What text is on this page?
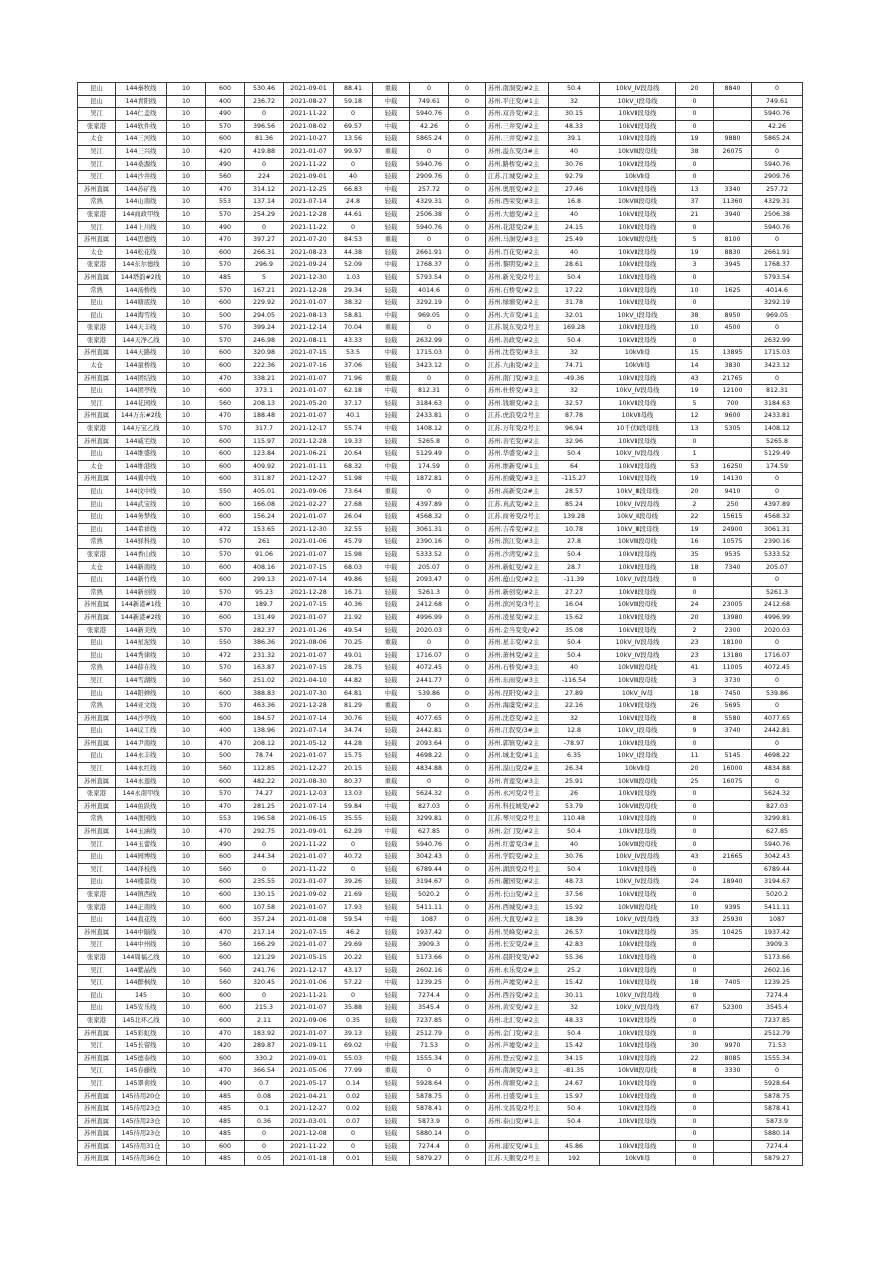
昆山	144秦牧线	10	600	530.46	2021-09-01	88.41	重载	0	0	苏州.南洞变/#2主	50.4	10kV_Ⅳ段母线	20	8840	0
昆山	144青阳线	10	400	236.72	2021-08-27	59.18	中载	749.61	0	苏州.平庄变/#1主	32	10kV_Ⅰ段母线	0		749.61
吴江	144仁盖线	10	490	0	2021-11-22	0	轻载	5940.76	0	苏州.双善变/#2主	30.15	10kVⅡ段母线	0		5940.76
张家港	144软件线	10	570	396.56	2021-08-02	69.57	中载	42.26	0	苏州.三井变/#2主	48.33	10kVⅡ段母线	0		42.26
太仓	144三河线	10	600	81.36	2021-10-27	13.56	轻载	5865.24	0	苏州.三井变/#2主	39.1	10kVⅡ段母线	19	9880	5865.24
吴江	144三兴线	10	420	419.88	2021-01-07	99.97	重载	0	0	苏州.溢东变/3#主	40	10kVⅢ段母线	38	26075	0
吴江	144桑源线	10	490	0	2021-11-22	0	轻载	5940.76	0	苏州.路桥变/#2主	30.76	10kVⅡ段母线	0		5940.76
吴江	144沙井线	10	560	224	2021-09-01	40	轻载	2909.76	0	江苏.江城变/#2主	92.79	10kVⅡ母	0		2909.76
苏州直属	144苏矿线	10	470	314.12	2021-12-25	66.83	中载	257.72	0	苏州.奥展变/#2主	27.46	10kVⅡ段母线	13	3340	257.72
常熟	144山南线	10	553	137.14	2021-07-14	24.8	轻载	4329.31	0	苏州.西荣变/#3主	16.8	10kVⅢ段母线	37	11360	4329.31
张家港	144商政甲线	10	570	254.29	2021-12-28	44.61	轻载	2506.38	0	苏州.大德变/#2主	40	10kVⅡ段母线	21	3940	2506.38
吴江	144上川线	10	490	0	2021-11-22	0	轻载	5940.76	0	苏州.花港变/2#主	24.15	10kVⅡ段母线	0		5940.76
苏州直属	144思德线	10	470	397.27	2021-07-20	84.53	重载	0	0	苏州.马涧变/#3主	25.49	10kVⅢ段母线	5	8100	0
太仓	144松花线	10	600	266.31	2021-08-23	44.38	轻载	2661.91	0	苏州.百花变/#2主	40	10kVⅡ段母线	19	8830	2661.91
张家港	144东尔德线	10	570	296.9	2021-09-24	52.09	中载	1768.37	0	苏州.黎明变/#2主	28.61	10kVⅡ段母线	3	3945	1768.37
苏州直属	144塔韵#2线	10	485	5	2021-12-30	1.03	轻载	5793.54	0	苏州.新光变/2号主	50.4	10kVⅡ段母线	0		5793.54
常熟	144汤桥线	10	570	167.21	2021-12-28	29.34	轻载	4014.6	0	苏州.石桥变/#2主	17.22	10kVⅡ段母线	10	1625	4014.6
昆山	144塘底线	10	600	229.92	2021-01-07	38.32	轻载	3292.19	0	苏州.绿塘变/#2主	31.78	10kVⅡ段母线	0		3292.19
昆山	144淘雪线	10	500	294.05	2021-08-13	58.81	中载	969.05	0	苏州.大市变/#1主	32.01	10kV_Ⅰ段母线	38	8950	969.05
张家港	144天丰线	10	570	399.24	2021-12-14	70.04	重载	0	0	江苏.锐东变/2号主	169.28	10kVⅡ段母线	10	4500	0
张家港	144天净乙线	10	570	246.98	2021-08-11	43.33	轻载	2632.99	0	苏州.善政变/#2主	50.4	10kVⅡ段母线	0		2632.99
苏州直属	144天路线	10	600	320.98	2021-07-15	53.5	中载	1715.03	0	苏州.沈巷变/#3主	32	10kVⅡ母	15	13895	1715.03
太仓	144童桥线	10	600	222.36	2021-07-16	37.06	轻载	3423.12	0	江苏.九曲变/#2主	74.71	10kVⅡ母	14	3830	3423.12
苏州直属	144团结线	10	470	338.21	2021-01-07	71.96	重载	0	0	苏州.南门变/#3主	-49.36	10kVⅡ段母线	43	21765	0
昆山	144团亭线	10	600	373.1	2021-01-07	62.18	中载	812.31	0	苏州.杜桥变/#3主	32	10kV_Ⅳ段母线	19	12100	812.31
吴江	144花园线	10	560	208.13	2021-05-20	37.17	轻载	3184.63	0	苏州.钱塘变/#2主	32.57	10kVⅡ段母线	5	700	3184.63
苏州直属	144万东#2线	10	470	188.48	2021-01-07	40.1	轻载	2433.81	0	江苏.虎浪变/2号主	87.78	10kVⅡ母线	12	9600	2433.81
张家港	144万宝乙线	10	570	317.7	2021-12-17	55.74	中载	1408.12	0	江苏.万年变/2号主	96.94	10千伏Ⅱ段母线	13	5305	1408.12
苏州直属	144威宅线	10	600	115.97	2021-12-28	19.33	轻载	5265.8	0	苏州.善宅变/#2主	32.96	10kVⅡ段母线	0		5265.8
昆山	144维盛线	10	600	123.84	2021-06-21	20.64	轻载	5129.49	0	苏州.华盛变/#2主	50.4	10kV_Ⅳ段母线	1		5129.49
太仓	144维港线	10	600	409.92	2021-01-11	68.32	中载	174.59	0	苏州.维新变/#1主	64	10kVⅡ段母线	53	16250	174.59
苏州直属	144翼中线	10	600	311.87	2021-12-27	51.98	中载	1872.81	0	苏州.拍戴变/#3主	-115.27	10kVⅡ段母线	19	14130	0
昆山	144汶中线	10	550	405.01	2021-09-06	73.64	重载	0	0	苏州.高新变/2#主	28.57	10kV_Ⅲ段母线	20	9410	0
昆山	144武宝线	10	600	166.08	2021-02-27	27.68	轻载	4397.89	0	江苏.真武变/#2主	85.24	10kV_Ⅳ段母线	2	250	4397.89
昆山	144务梦线	10	600	156.24	2021-01-07	26.04	轻载	4568.32	0	江苏.商务变/2号主	139.28	10kV_Ⅱ段母线	22	15615	4568.32
昆山	144希祥线	10	472	153.65	2021-12-30	32.55	轻载	3061.31	0	苏州.吉希变/#2主	10.78	10kV_Ⅲ段母线	19	24900	3061.31
常熟	144驿科线	10	570	261	2021-01-06	45.79	轻载	2390.16	0	苏州.滨江变/#3主	27.8	10kVⅢ段母线	16	10575	2390.16
张家港	144香山线	10	570	91.06	2021-01-07	15.98	轻载	5333.52	0	苏州.沙湾变/#2主	50.4	10kVⅡ段母线	35	9535	5333.52
太仓	144新南线	10	600	408.16	2021-07-15	68.03	中载	205.07	0	苏州.新虹变/#2主	28.7	10kVⅡ段母线	18	7340	205.07
昆山	144新竹线	10	600	299.13	2021-07-14	49.86	轻载	2093.47	0	苏州.蕴山变/#2主	-11.39	10kV_Ⅳ段母线	0		0
常熟	144新创线	10	570	95.23	2021-12-28	16.71	轻载	5261.3	0	苏州.新创变/#2主	27.27	10kVⅡ段母线	0		5261.3
苏州直属	144新港#1线	10	470	189.7	2021-07-15	40.36	轻载	2412.68	0	苏州.滨河变/3号主	16.04	10kVⅢ段母线	24	23005	2412.68
苏州直属	144新港#2线	10	600	131.49	2021-01-07	21.92	轻载	4996.99	0	苏州.凌星变/#2主	15.62	10kVⅡ段母线	20	13980	4996.99
张家港	144新美线	10	570	282.37	2021-01-26	49.54	轻载	2020.03	0	苏州.金当变变/#2	35.08	10kVⅡ段母线	2	2300	2020.03
昆山	144星泥线	10	550	386.36	2021-08-06	70.25	重载	0	0	苏州.星丰变/#2主	50.4	10kV_Ⅳ段母线	23	18100	0
昆山	144秀律线	10	472	231.32	2021-01-07	49.01	轻载	1716.07	0	苏州.萧林变/#2主	50.4	10kV_Ⅳ段母线	23	13180	1716.07
常熟	144薛在线	10	570	163.87	2021-07-15	28.75	轻载	4072.45	0	苏州.石桥变/#3主	40	10kVⅢ段母线	41	11005	4072.45
吴江	144雪湖线	10	560	251.02	2021-04-10	44.82	轻载	2441.77	0	苏州.东雨变/#3主	-116.54	10kVⅢ段母线	3	3730	0
昆山	144阳婵线	10	600	388.83	2021-07-30	64.81	中载	539.86	0	苏州.昆阳变/#2主	27.89	10kV_Ⅳ母	18	7450	539.86
常熟	144亚文线	10	570	463.36	2021-12-28	81.29	重载	0	0	苏州.海虞变/#2主	22.16	10kVⅡ段母线	26	5695	0
苏州直属	144沙亭线	10	600	184.57	2021-07-14	30.76	轻载	4077.65	0	苏州.沈巷变/#2主	32	10kVⅡ段母线	8	5580	4077.65
昆山	144议工线	10	400	138.96	2021-07-14	34.74	轻载	2442.81	0	苏州.江叙变/3#主	12.8	10kV_Ⅰ段母线	9	3740	2442.81
苏州直属	144尹南线	10	470	208.12	2021-05-12	44.28	轻载	2093.64	0	苏州.郭镇变/#2主	-78.97	10kVⅡ段母线	0		0
昆山	144永丰线	10	500	78.74	2021-01-07	15.75	轻载	4698.22	0	苏州.城北变/#1主	6.35	10kV_Ⅰ段母线	11	5145	4698.22
吴江	144永红线	10	560	112.85	2021-12-27	20.15	轻载	4834.88	0	苏州.漠山变/2#主	26.34	10kVⅡ母	20	16000	4834.88
苏州直属	144永莲线	10	600	482.22	2021-08-30	80.37	重载	0	0	苏州.青莲变/#3主	25.91	10kVⅢ段母线	25	16075	0
张家港	144永南甲线	10	570	74.27	2021-12-03	13.03	轻载	5624.32	0	苏州.永河变/2号主	26	10kVⅡ段母线	0		5624.32
苏州直属	144鱼跃线	10	470	281.25	2021-07-14	59.84	中载	827.03	0	苏州.科技城变/#2	53.79	10kVⅢ段母线	0		827.03
常熟	144渔园线	10	553	196.58	2021-06-15	35.55	轻载	3299.81	0	江苏.琴川变/2号主	110.48	10kVⅡ段母线	0		3299.81
苏州直属	144玉涵线	10	470	292.75	2021-09-01	62.29	中载	627.85	0	苏州.金门变/#2主	50.4	10kVⅡ段母线	0		627.85
吴江	144玉蕾线	10	490	0	2021-11-22	0	轻载	5940.76	0	苏州.红蕾变/3#主	40	10kVⅢ段母线	0		5940.76
昆山	144园博线	10	600	244.34	2021-01-07	40.72	轻载	3042.43	0	苏州.学院变/#2主	30.76	10kV_Ⅳ段母线	43	21665	3042.43
吴江	144泽枝线	10	560	0	2021-11-22	0	轻载	6789.44	0	苏州.湖滨变/2号主	50.4	10kVⅡ段母线	0		6789.44
昆山	144楼景线	10	600	235.55	2021-01-07	39.26	轻载	3194.67	0	苏州.麓园变/#2主	48.73	10kV_Ⅳ段母线	24	18940	3194.67
张家港	144镇西线	10	600	130.15	2021-09-02	21.69	轻载	5020.2	0	苏州.长山变/#2主	37.56	10kVⅡ段母线	0		5020.2
张家港	144正南线	10	600	107.58	2021-01-07	17.93	轻载	5411.11	0	苏州.西城变/#3主	15.92	10kVⅢ段母线	10	9395	5411.11
昆山	144直花线	10	600	357.24	2021-01-08	59.54	中载	1087	0	苏州.大直变/#2主	18.39	10kV_Ⅳ段母线	33	25930	1087
苏州直属	144中隔线	10	470	217.14	2021-07-15	46.2	轻载	1937.42	0	苏州.吴峰变/#2主	26.57	10kVⅡ段母线	35	10425	1937.42
吴江	144中州线	10	560	166.29	2021-01-07	29.69	轻载	3909.3	0	苏州.长安变/2#主	42.83	10kVⅡ段母线	0		3909.3
张家港	144周福乙线	10	600	121.29	2021-05-15	20.22	轻载	5173.66	0	苏州.晨阳变变/#2	55.36	10kVⅡ段母线	0		5173.66
吴江	144紫晶线	10	560	241.76	2021-12-17	43.17	轻载	2602.16	0	苏州.永乐变/2#主	25.2	10kVⅡ段母线	0		2602.16
吴江	144醉枫线	10	560	320.45	2021-01-06	57.22	中载	1239.25	0	苏州.芦墟变/#2主	15.42	10kVⅡ段母线	18	7405	1239.25
昆山	145	10	600	0	2021-11-21	0	轻载	7274.4	0	苏州.西谷变/#2主	30.11	10kV_Ⅳ段母线	0		7274.4
昆山	145安乐线	10	600	215.3	2021-01-07	35.88	轻载	3545.4	0	苏州.黄安变/#2主	32	10kV_Ⅳ段母线	67	52300	3545.4
张家港	145北环乙线	10	600	2.11	2021-09-06	0.35	轻载	7237.85	0	苏州.北汇变/#2主	48.33	10kVⅡ段母线	0		7237.85
苏州直属	145彩虹线	10	470	183.92	2021-01-07	39.13	轻载	2512.79	0	苏州.金门变/#2主	50.4	10kVⅡ段母线	0		2512.79
吴江	145长留线	10	420	289.87	2021-09-11	69.02	中载	71.53	0	苏州.芦墟变/#2主	15.42	10kVⅡ段母线	30	9970	71.53
苏州直属	145德泰线	10	600	330.2	2021-09-01	55.03	中载	1555.34	0	苏州.登云变/#2主	34.15	10kVⅡ段母线	22	8085	1555.34
吴江	145春藤线	10	470	366.54	2021-05-06	77.99	重载	0	0	苏州.南涧变/#3主	-81.35	10kVⅢ段母线	8	3330	0
吴江	145翠荷线	10	490	0.7	2021-05-17	0.14	轻载	5928.64	0	苏州.荷塘变/#2主	24.67	10kVⅡ段母线	0		5928.64
苏州直属	145待用20仓	10	485	0.08	2021-04-21	0.02	轻载	5878.75	0	苏州.日盛变/#1主	15.97	10kVⅡ段母线	0		5878.75
苏州直属	145待用23仓	10	485	0.1	2021-12-27	0.02	轻载	5878.41	0	苏州.文昌变/2号主	50.4	10kVⅡ段母线	0		5878.41
苏州直属	145待用23仓	10	485	0.36	2021-03-01	0.07	轻载	5873.9	0	苏州.泰山变/#1主	50.4	10kVⅡ段母线	0		5873.9
苏州直属	145待用23仓	10	485	0	2021-12-08	0	轻载	5880.14	0				0		5880.14
苏州直属	145待用31仓	10	600	0	2021-11-22	0	轻载	7274.4	0	苏州.浦安变/#1主	45.86	10kVⅡ段母线	0		7274.4
苏州直属	145待用36仓	10	485	0.05	2021-01-18	0.01	轻载	5879.27	0	江苏.天鹅变/2号主	192	10kVⅡ母	0		5879.27
